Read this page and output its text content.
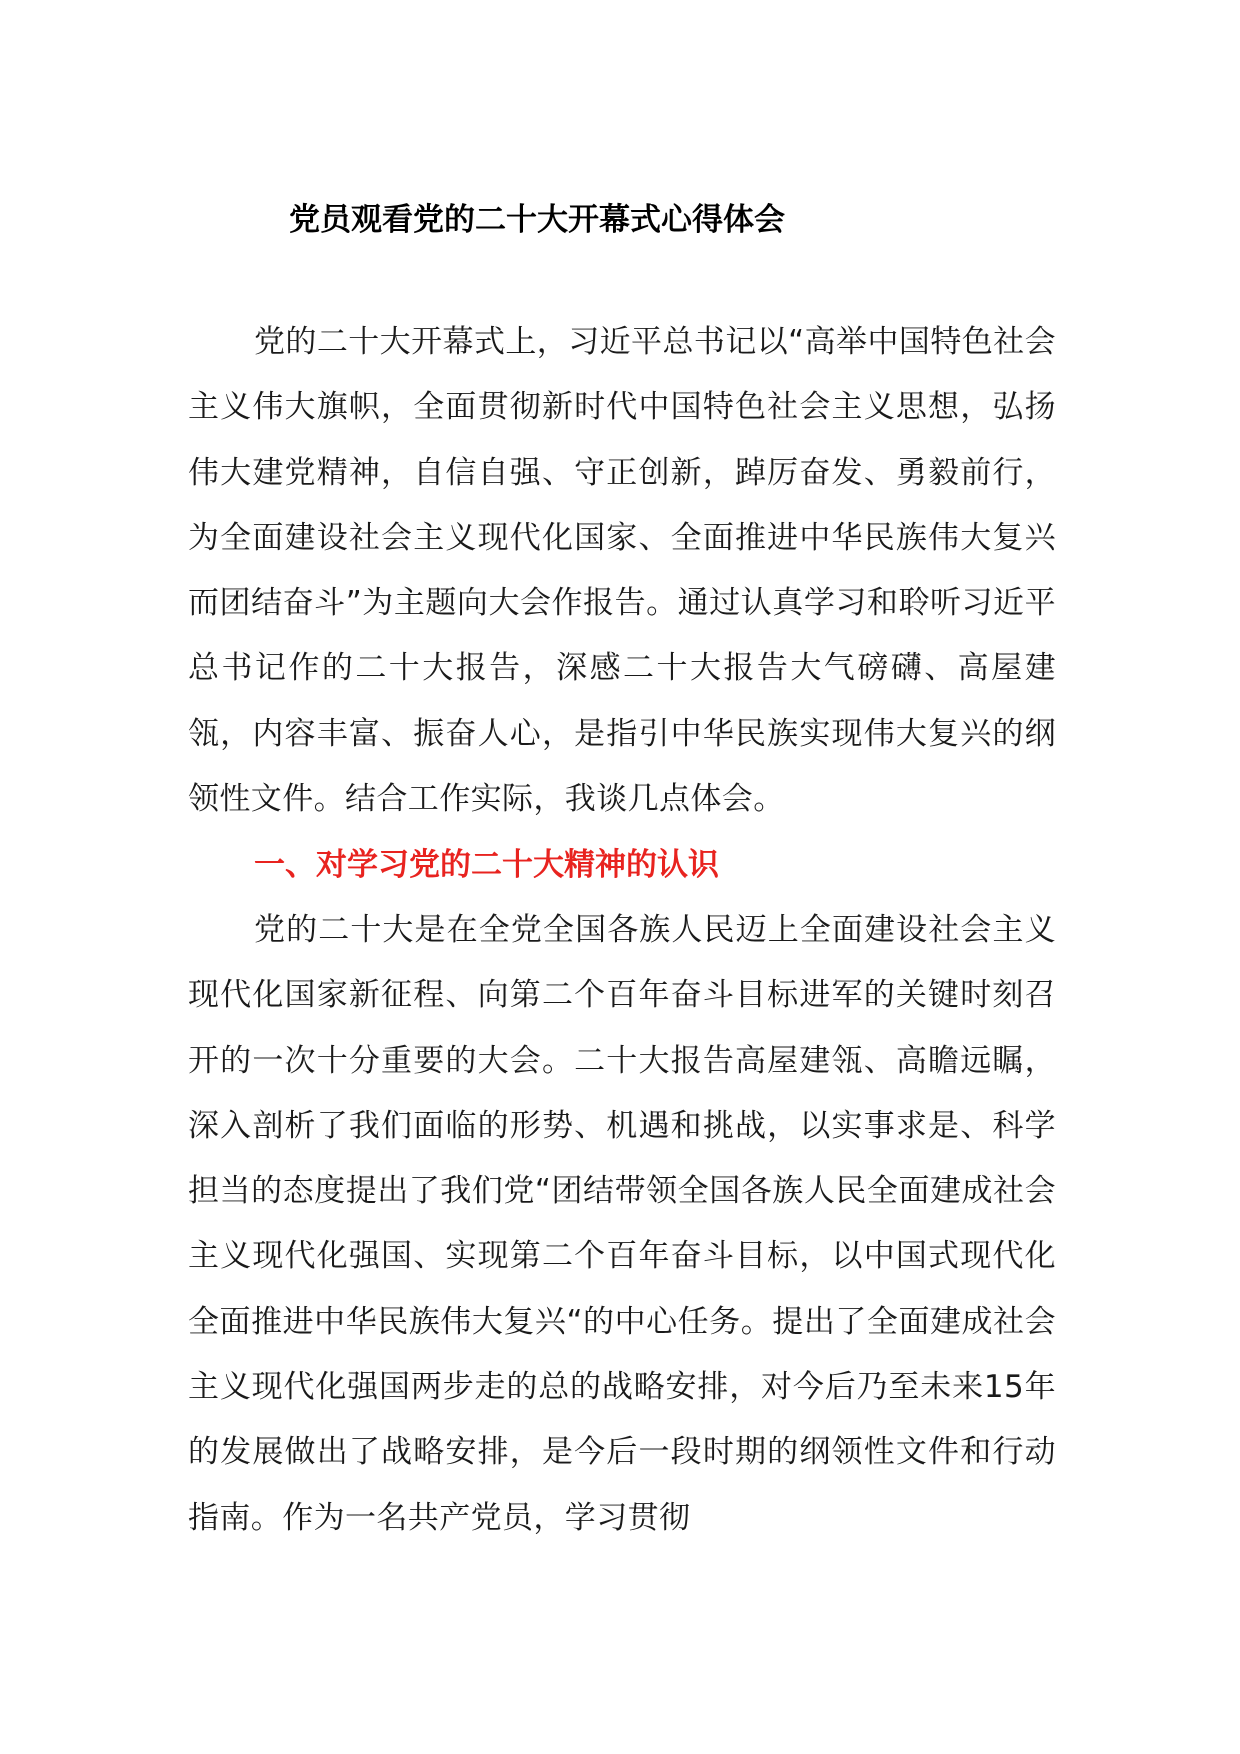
党员观看党的二十大开幕式心得体会

党的二十大开幕式上，习近平总书记以“高举中国特色社会主义伟大旗帜，全面贯彻新时代中国特色社会主义思想，弘扬伟大建党精神，自信自强、守正创新，踔厉奋发、勇毅前行，为全面建设社会主义现代化国家、全面推进中华民族伟大复兴而团结奋斗”为主题向大会作报告。通过认真学习和聆听习近平总书记作的二十大报告，深感二十大报告大气磅礴、高屋建瓴，内容丰富、振奋人心，是指引中华民族实现伟大复兴的纲领性文件。结合工作实际，我谈几点体会。

一、对学习党的二十大精神的认识

党的二十大是在全党全国各族人民迈上全面建设社会主义现代化国家新征程、向第二个百年奋斗目标进军的关键时刻召开的一次十分重要的大会。二十大报告高屋建瓴、高瞻远瞩，深入剖析了我们面临的形势、机遇和挑战，以实事求是、科学担当的态度提出了我们党“团结带领全国各族人民全面建成社会主义现代化强国、实现第二个百年奋斗目标，以中国式现代化全面推进中华民族伟大复兴“的中心任务。提出了全面建成社会主义现代化强国两步走的总的战略安排，对今后乃至未来15年的发展做出了战略安排，是今后一段时期的纲领性文件和行动指南。作为一名共产党员，学习贯彻
